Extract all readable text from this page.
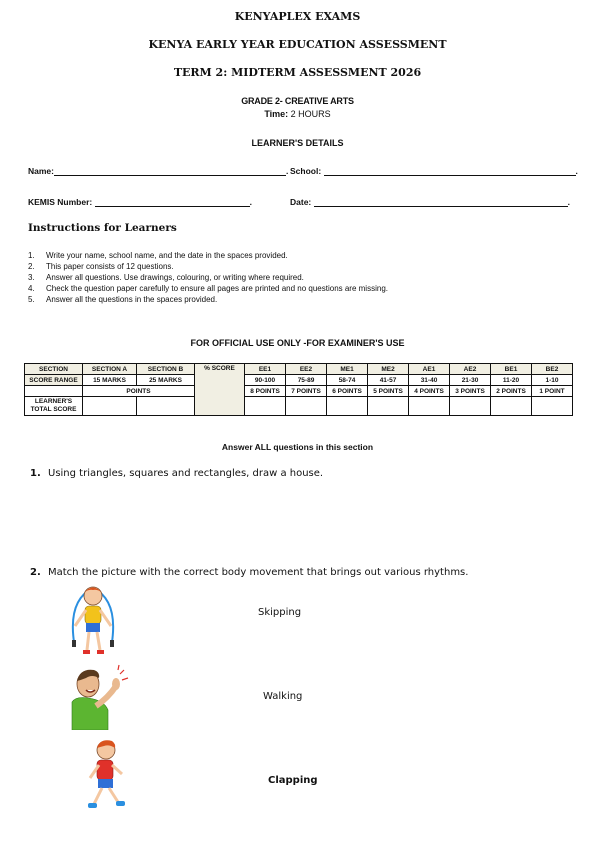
KENYAPLEX EXAMS
KENYA EARLY YEAR EDUCATION ASSESSMENT
TERM 2: MIDTERM ASSESSMENT 2026
GRADE 2- CREATIVE ARTS
Time: 2 HOURS
LEARNER'S DETAILS
Name:	. School:	.
KEMIS Number:	.	Date:	.
Instructions for Learners
1. Write your name, school name, and the date in the spaces provided.
2. This paper consists of 12 questions.
3. Answer all questions. Use drawings, colouring, or writing where required.
4. Check the question paper carefully to ensure all pages are printed and no questions are missing.
5. Answer all the questions in the spaces provided.
FOR OFFICIAL USE ONLY -FOR EXAMINER'S USE
SECTION	SECTION A	SECTION B	% SCORE	EE1	EE2	ME1	ME2	AE1	AE2	BE1	BE2
SCORE RANGE	15 MARKS	25 MARKS		90-100	75-89	58-74	41-57	31-40	21-30	11-20	1-10
	POINTS			8 POINTS	7 POINTS	6 POINTS	5 POINTS	4 POINTS	3 POINTS	2 POINTS	1 POINT
LEARNER'S TOTAL SCORE											
Answer ALL questions in this section
1. Using triangles, squares and rectangles, draw a house.
2. Match the picture with the correct body movement that brings out various rhythms.
Skipping
Walking
Clapping
